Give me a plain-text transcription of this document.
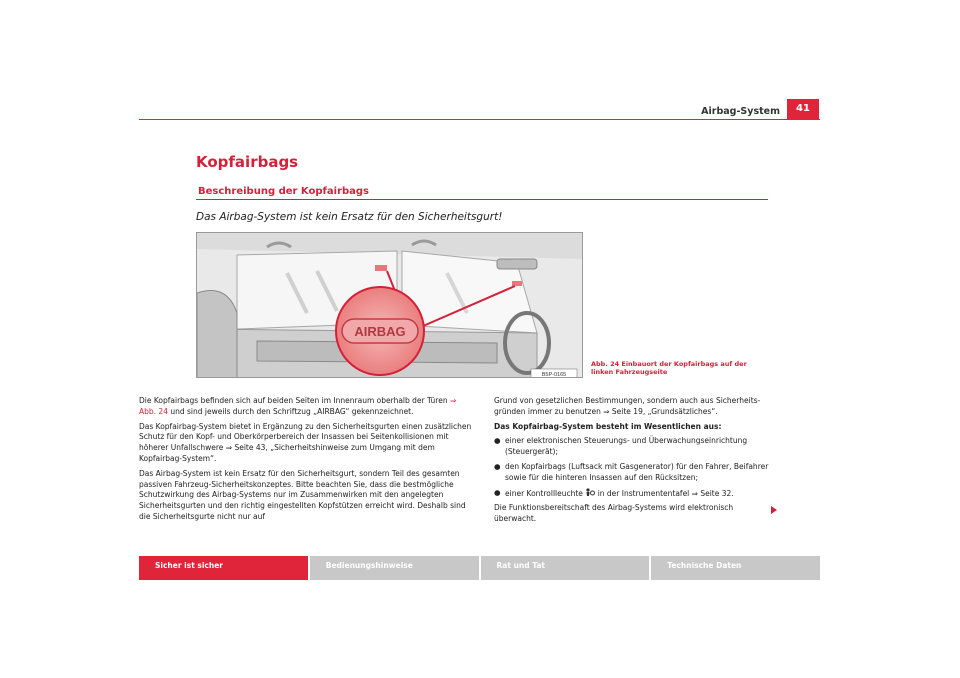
Airbag-System	41
Kopfairbags
Beschreibung der Kopfairbags
Das Airbag-System ist kein Ersatz für den Sicherheitsgurt!
AIRBAG
B5P-0165
Abb. 24 Einbauort der Kopfairbags auf der linken Fahrzeugseite

Die Kopfairbags befinden sich auf beiden Seiten im Innenraum oberhalb der Türen ⇒ Abb. 24 und sind jeweils durch den Schriftzug „AIRBAG“ gekennzeichnet.

Das Kopfairbag-System bietet in Ergänzung zu den Sicherheitsgurten einen zusätzlichen Schutz für den Kopf- und Oberkörperbereich der Insassen bei Seitenkollisionen mit höherer Unfallschwere ⇒ Seite 43, „Sicherheitshinweise zum Umgang mit dem Kopfairbag-System“.

Das Airbag-System ist kein Ersatz für den Sicherheitsgurt, sondern Teil des gesamten passiven Fahrzeug-Sicherheitskonzeptes. Bitte beachten Sie, dass die bestmögliche Schutzwirkung des Airbag-Systems nur im Zusammenwirken mit den angelegten Sicherheitsgurten und den richtig eingestellten Kopfstützen erreicht wird. Deshalb sind die Sicherheitsgurte nicht nur auf

Grund von gesetzlichen Bestimmungen, sondern auch aus Sicherheitsgründen immer zu benutzen ⇒ Seite 19, „Grundsätzliches“.

Das Kopfairbag-System besteht im Wesentlichen aus:

● einer elektronischen Steuerungs- und Überwachungseinrichtung (Steuergerät);

● den Kopfairbags (Luftsack mit Gasgenerator) für den Fahrer, Beifahrer sowie für die hinteren Insassen auf den Rücksitzen;

● einer Kontrollleuchte  in der Instrumententafel ⇒ Seite 32.

Die Funktionsbereitschaft des Airbag-Systems wird elektronisch überwacht.

Sicher ist sicher	Bedienungshinweise	Rat und Tat	Technische Daten
